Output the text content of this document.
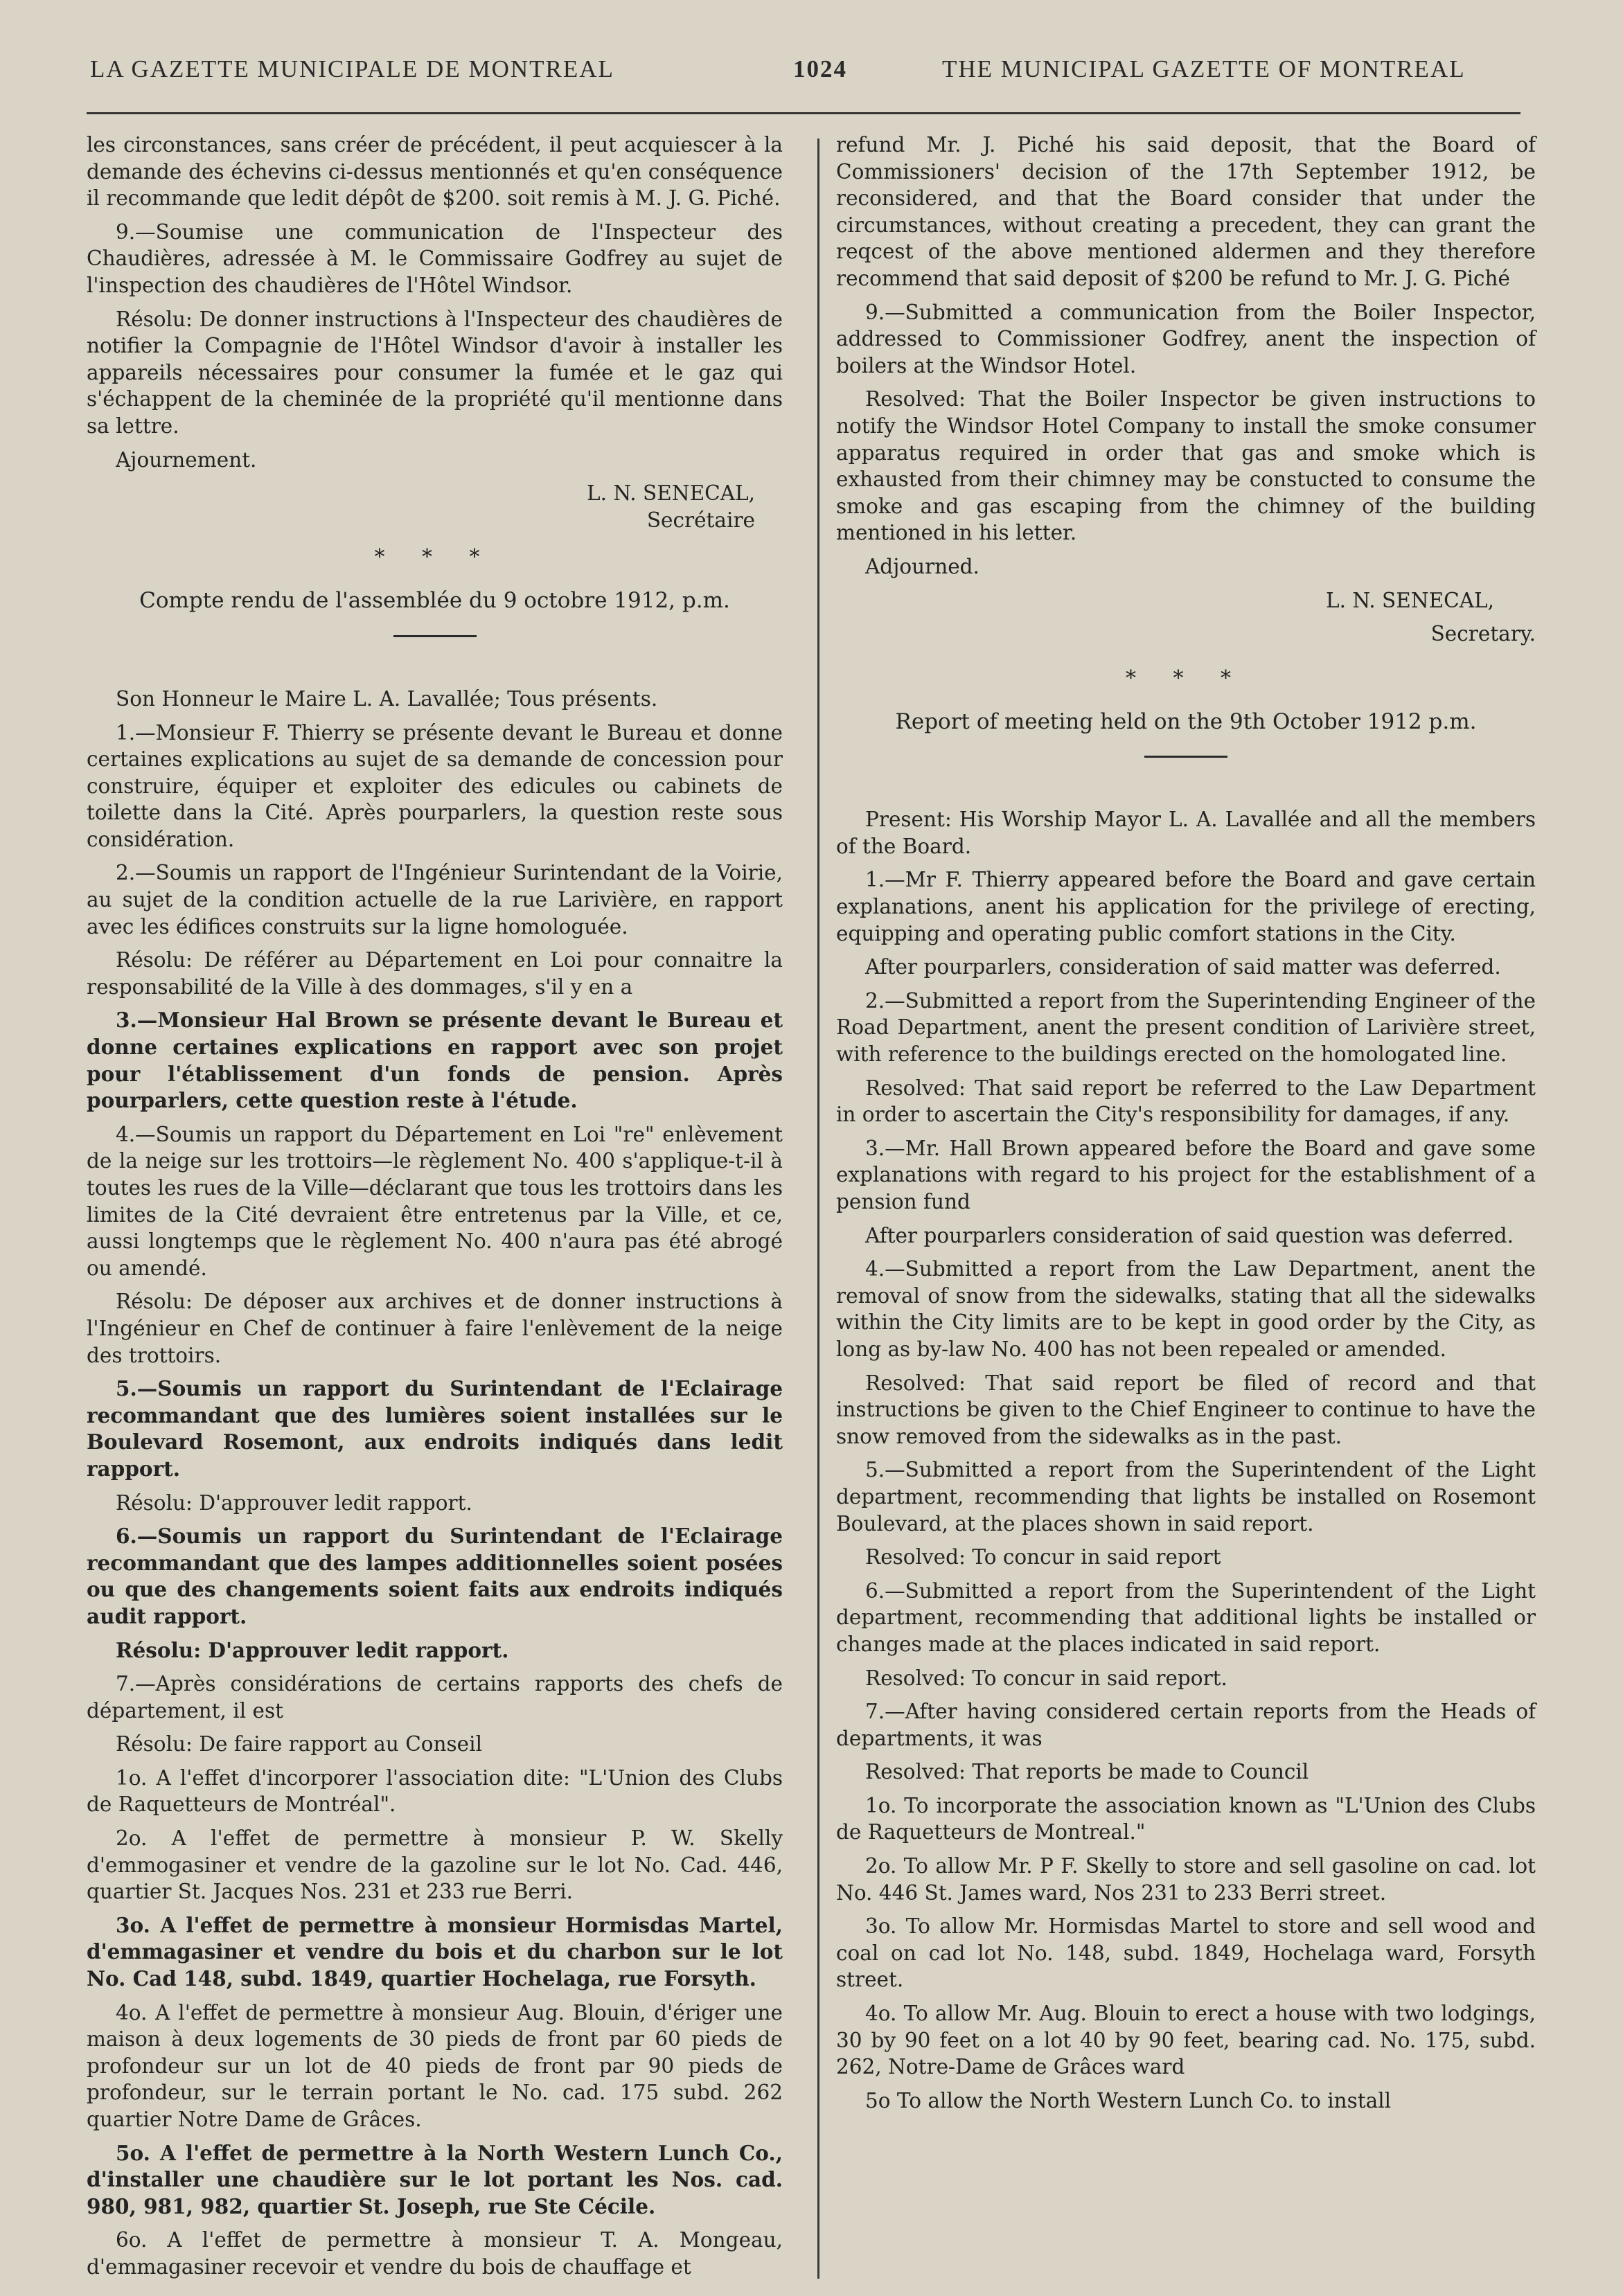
LA GAZETTE MUNICIPALE DE MONTREAL	1024	THE MUNICIPAL GAZETTE OF MONTREAL

les circonstances, sans créer de précédent, il peut acquiescer à la demande des échevins ci-dessus mentionnés et qu'en conséquence il recommande que ledit dépôt de $200. soit remis à M. J. G. Piché.

9.—Soumise une communication de l'Inspecteur des Chaudières, adressée à M. le Commissaire Godfrey au sujet de l'inspection des chaudières de l'Hôtel Windsor.

Résolu: De donner instructions à l'Inspecteur des chaudières de notifier la Compagnie de l'Hôtel Windsor d'avoir à installer les appareils nécessaires pour consumer la fumée et le gaz qui s'échappent de la cheminée de la propriété qu'il mentionne dans sa lettre.

Ajournement.

L. N. SENECAL,

Secrétaire

* * *

Compte rendu de l'assemblée du 9 octobre 1912, p.m.

Son Honneur le Maire L. A. Lavallée; Tous présents.

1.—Monsieur F. Thierry se présente devant le Bureau et donne certaines explications au sujet de sa demande de concession pour construire, équiper et exploiter des edicules ou cabinets de toilette dans la Cité. Après pourparlers, la question reste sous considération.

2.—Soumis un rapport de l'Ingénieur Surintendant de la Voirie, au sujet de la condition actuelle de la rue Larivière, en rapport avec les édifices construits sur la ligne homologuée.

Résolu: De référer au Département en Loi pour connaitre la responsabilité de la Ville à des dommages, s'il y en a

3.—Monsieur Hal Brown se présente devant le Bureau et donne certaines explications en rapport avec son projet pour l'établissement d'un fonds de pension. Après pourparlers, cette question reste à l'étude.

4.—Soumis un rapport du Département en Loi "re" enlèvement de la neige sur les trottoirs—le règlement No. 400 s'applique-t-il à toutes les rues de la Ville—déclarant que tous les trottoirs dans les limites de la Cité devraient être entretenus par la Ville, et ce, aussi longtemps que le règlement No. 400 n'aura pas été abrogé ou amendé.

Résolu: De déposer aux archives et de donner instructions à l'Ingénieur en Chef de continuer à faire l'enlèvement de la neige des trottoirs.

5.—Soumis un rapport du Surintendant de l'Eclairage recommandant que des lumières soient installées sur le Boulevard Rosemont, aux endroits indiqués dans ledit rapport.

Résolu: D'approuver ledit rapport.

6.—Soumis un rapport du Surintendant de l'Eclairage recommandant que des lampes additionnelles soient posées ou que des changements soient faits aux endroits indiqués audit rapport.

Résolu: D'approuver ledit rapport.

7.—Après considérations de certains rapports des chefs de département, il est

Résolu: De faire rapport au Conseil

1o. A l'effet d'incorporer l'association dite: "L'Union des Clubs de Raquetteurs de Montréal".

2o. A l'effet de permettre à monsieur P. W. Skelly d'emmogasiner et vendre de la gazoline sur le lot No. Cad. 446, quartier St. Jacques Nos. 231 et 233 rue Berri.

3o. A l'effet de permettre à monsieur Hormisdas Martel, d'emmagasiner et vendre du bois et du charbon sur le lot No. Cad 148, subd. 1849, quartier Hochelaga, rue Forsyth.

4o. A l'effet de permettre à monsieur Aug. Blouin, d'ériger une maison à deux logements de 30 pieds de front par 60 pieds de profondeur sur un lot de 40 pieds de front par 90 pieds de profondeur, sur le terrain portant le No. cad. 175 subd. 262 quartier Notre Dame de Grâces.

5o. A l'effet de permettre à la North Western Lunch Co., d'installer une chaudière sur le lot portant les Nos. cad. 980, 981, 982, quartier St. Joseph, rue Ste Cécile.

6o. A l'effet de permettre à monsieur T. A. Mongeau, d'emmagasiner recevoir et vendre du bois de chauffage et

refund Mr. J. Piché his said deposit, that the Board of Commissioners' decision of the 17th September 1912, be reconsidered, and that the Board consider that under the circumstances, without creating a precedent, they can grant the reqcest of the above mentioned aldermen and they therefore recommend that said deposit of $200 be refund to Mr. J. G. Piché

9.—Submitted a communication from the Boiler Inspector, addressed to Commissioner Godfrey, anent the inspection of boilers at the Windsor Hotel.

Resolved: That the Boiler Inspector be given instructions to notify the Windsor Hotel Company to install the smoke consumer apparatus required in order that gas and smoke which is exhausted from their chimney may be constucted to consume the smoke and gas escaping from the chimney of the building mentioned in his letter.

Adjourned.

L. N. SENECAL,

Secretary.

* * *

Report of meeting held on the 9th October 1912 p.m.

Present: His Worship Mayor L. A. Lavallée and all the members of the Board.

1.—Mr F. Thierry appeared before the Board and gave certain explanations, anent his application for the privilege of erecting, equipping and operating public comfort stations in the City.

After pourparlers, consideration of said matter was deferred.

2.—Submitted a report from the Superintending Engineer of the Road Department, anent the present condition of Larivière street, with reference to the buildings erected on the homologated line.

Resolved: That said report be referred to the Law Department in order to ascertain the City's responsibility for damages, if any.

3.—Mr. Hall Brown appeared before the Board and gave some explanations with regard to his project for the establishment of a pension fund

After pourparlers consideration of said question was deferred.

4.—Submitted a report from the Law Department, anent the removal of snow from the sidewalks, stating that all the sidewalks within the City limits are to be kept in good order by the City, as long as by-law No. 400 has not been repealed or amended.

Resolved: That said report be filed of record and that instructions be given to the Chief Engineer to continue to have the snow removed from the sidewalks as in the past.

5.—Submitted a report from the Superintendent of the Light department, recommending that lights be installed on Rosemont Boulevard, at the places shown in said report.

Resolved: To concur in said report

6.—Submitted a report from the Superintendent of the Light department, recommending that additional lights be installed or changes made at the places indicated in said report.

Resolved: To concur in said report.

7.—After having considered certain reports from the Heads of departments, it was

Resolved: That reports be made to Council

1o. To incorporate the association known as "L'Union des Clubs de Raquetteurs de Montreal."

2o. To allow Mr. P F. Skelly to store and sell gasoline on cad. lot No. 446 St. James ward, Nos 231 to 233 Berri street.

3o. To allow Mr. Hormisdas Martel to store and sell wood and coal on cad lot No. 148, subd. 1849, Hochelaga ward, Forsyth street.

4o. To allow Mr. Aug. Blouin to erect a house with two lodgings, 30 by 90 feet on a lot 40 by 90 feet, bearing cad. No. 175, subd. 262, Notre-Dame de Grâces ward

5o To allow the North Western Lunch Co. to install
